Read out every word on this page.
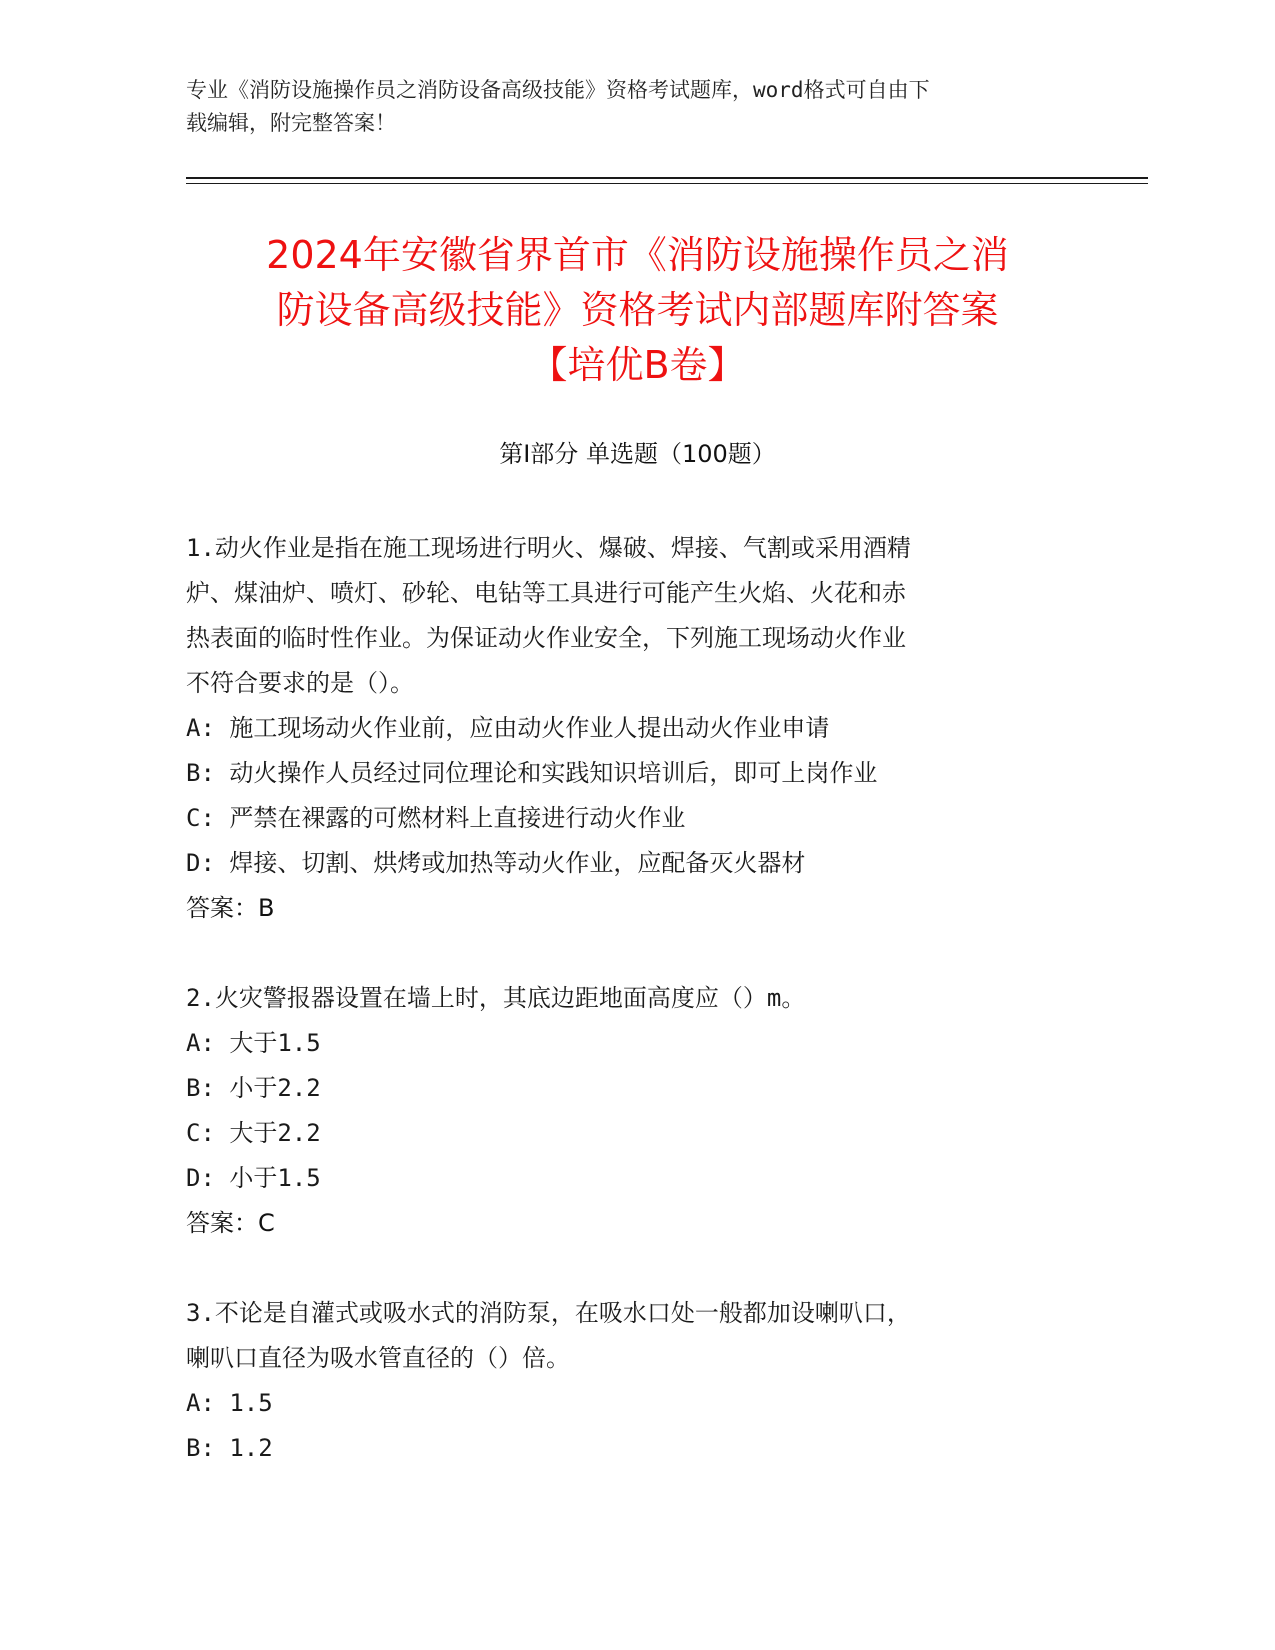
专业《消防设施操作员之消防设备高级技能》资格考试题库，word格式可自由下
载编辑，附完整答案！
2024年安徽省界首市《消防设施操作员之消
防设备高级技能》资格考试内部题库附答案
【培优B卷】
第Ⅰ部分 单选题（100题）

1.动火作业是指在施工现场进行明火、爆破、焊接、气割或采用酒精

炉、煤油炉、喷灯、砂轮、电钻等工具进行可能产生火焰、火花和赤

热表面的临时性作业。为保证动火作业安全，下列施工现场动火作业

不符合要求的是（）。

A: 施工现场动火作业前，应由动火作业人提出动火作业申请

B: 动火操作人员经过同位理论和实践知识培训后，即可上岗作业

C: 严禁在裸露的可燃材料上直接进行动火作业

D: 焊接、切割、烘烤或加热等动火作业，应配备灭火器材

答案：B

2.火灾警报器设置在墙上时，其底边距地面高度应（）m。

A: 大于1.5

B: 小于2.2

C: 大于2.2

D: 小于1.5

答案：C

3.不论是自灌式或吸水式的消防泵，在吸水口处一般都加设喇叭口，

喇叭口直径为吸水管直径的（）倍。

A: 1.5

B: 1.2
